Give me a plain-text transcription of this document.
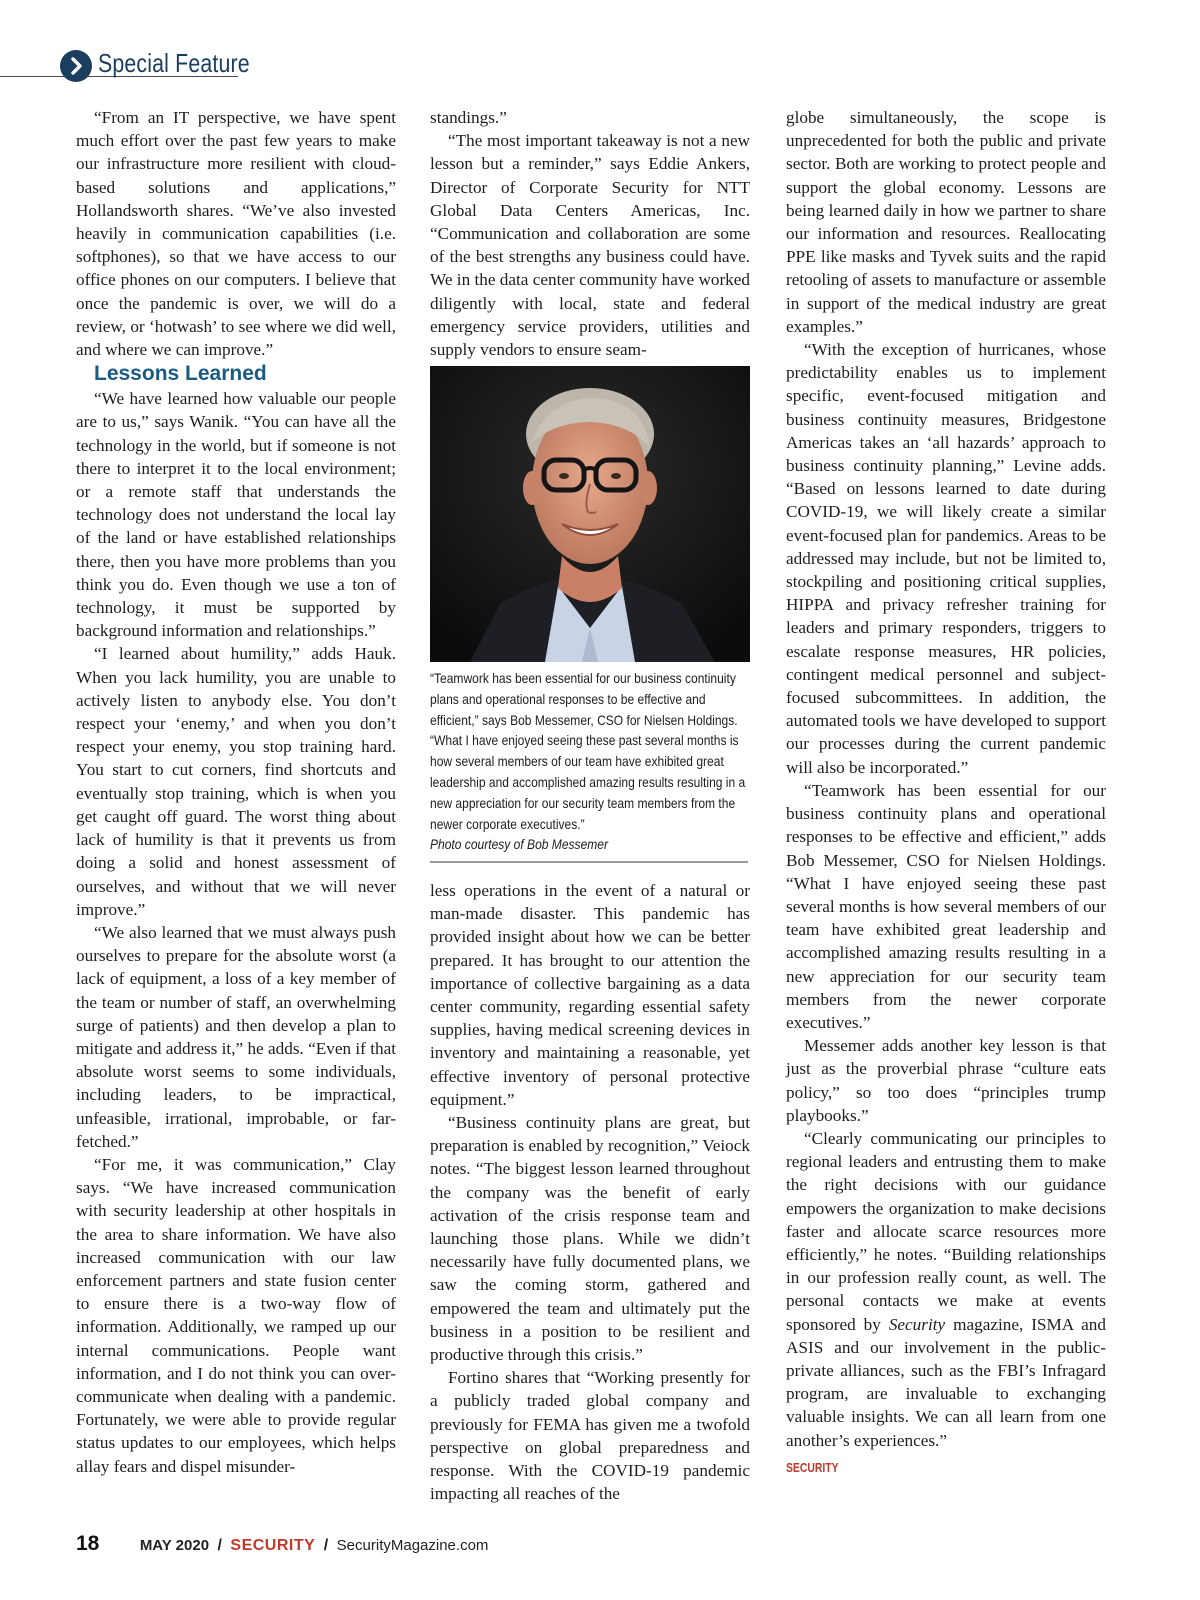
Special Feature

“From an IT perspective, we have spent much effort over the past few years to make our infrastructure more resilient with cloud-based solutions and applications,” Hollandsworth shares. “We’ve also invested heavily in communication capabilities (i.e. softphones), so that we have access to our office phones on our computers. I believe that once the pandemic is over, we will do a review, or ‘hotwash’ to see where we did well, and where we can improve.”

Lessons Learned

“We have learned how valuable our people are to us,” says Wanik. “You can have all the technology in the world, but if someone is not there to interpret it to the local environment; or a remote staff that understands the technology does not understand the local lay of the land or have established relationships there, then you have more problems than you think you do. Even though we use a ton of technology, it must be supported by background information and relationships.”

“I learned about humility,” adds Hauk. When you lack humility, you are unable to actively listen to anybody else. You don’t respect your ‘enemy,’ and when you don’t respect your enemy, you stop training hard. You start to cut corners, find shortcuts and eventually stop training, which is when you get caught off guard. The worst thing about lack of humility is that it prevents us from doing a solid and honest assessment of ourselves, and without that we will never improve.”

“We also learned that we must always push ourselves to prepare for the absolute worst (a lack of equipment, a loss of a key member of the team or number of staff, an overwhelming surge of patients) and then develop a plan to mitigate and address it,” he adds. “Even if that absolute worst seems to some individuals, including leaders, to be impractical, unfeasible, irrational, improbable, or far-fetched.”

“For me, it was communication,” Clay says. “We have increased communication with security leadership at other hospitals in the area to share information. We have also increased communication with our law enforcement partners and state fusion center to ensure there is a two-way flow of information. Additionally, we ramped up our internal communications. People want information, and I do not think you can over-communicate when dealing with a pandemic. Fortunately, we were able to provide regular status updates to our employees, which helps allay fears and dispel misunder-

standings.”

“The most important takeaway is not a new lesson but a reminder,” says Eddie Ankers, Director of Corporate Security for NTT Global Data Centers Americas, Inc. “Communication and collaboration are some of the best strengths any business could have. We in the data center community have worked diligently with local, state and federal emergency service providers, utilities and supply vendors to ensure seam-

“Teamwork has been essential for our business continuity plans and operational responses to be effective and efficient,” says Bob Messemer, CSO for Nielsen Holdings. “What I have enjoyed seeing these past several months is how several members of our team have exhibited great leadership and accomplished amazing results resulting in a new appreciation for our security team members from the newer corporate executives.”
Photo courtesy of Bob Messemer

less operations in the event of a natural or man-made disaster. This pandemic has provided insight about how we can be better prepared. It has brought to our attention the importance of collective bargaining as a data center community, regarding essential safety supplies, having medical screening devices in inventory and maintaining a reasonable, yet effective inventory of personal protective equipment.”

“Business continuity plans are great, but preparation is enabled by recognition,” Veiock notes. “The biggest lesson learned throughout the company was the benefit of early activation of the crisis response team and launching those plans. While we didn’t necessarily have fully documented plans, we saw the coming storm, gathered and empowered the team and ultimately put the business in a position to be resilient and productive through this crisis.”

Fortino shares that “Working presently for a publicly traded global company and previously for FEMA has given me a twofold perspective on global preparedness and response. With the COVID-19 pandemic impacting all reaches of the

globe simultaneously, the scope is unprecedented for both the public and private sector. Both are working to protect people and support the global economy. Lessons are being learned daily in how we partner to share our information and resources. Reallocating PPE like masks and Tyvek suits and the rapid retooling of assets to manufacture or assemble in support of the medical industry are great examples.”

“With the exception of hurricanes, whose predictability enables us to implement specific, event-focused mitigation and business continuity measures, Bridgestone Americas takes an ‘all hazards’ approach to business continuity planning,” Levine adds. “Based on lessons learned to date during COVID-19, we will likely create a similar event-focused plan for pandemics. Areas to be addressed may include, but not be limited to, stockpiling and positioning critical supplies, HIPPA and privacy refresher training for leaders and primary responders, triggers to escalate response measures, HR policies, contingent medical personnel and subject-focused subcommittees. In addition, the automated tools we have developed to support our processes during the current pandemic will also be incorporated.”

“Teamwork has been essential for our business continuity plans and operational responses to be effective and efficient,” adds Bob Messemer, CSO for Nielsen Holdings. “What I have enjoyed seeing these past several months is how several members of our team have exhibited great leadership and accomplished amazing results resulting in a new appreciation for our security team members from the newer corporate executives.”

Messemer adds another key lesson is that just as the proverbial phrase “culture eats policy,” so too does “principles trump playbooks.”

“Clearly communicating our principles to regional leaders and entrusting them to make the right decisions with our guidance empowers the organization to make decisions faster and allocate scarce resources more efficiently,” he notes. “Building relationships in our profession really count, as well. The personal contacts we make at events sponsored by Security magazine, ISMA and ASIS and our involvement in the public-private alliances, such as the FBI’s Infragard program, are invaluable to exchanging valuable insights. We can all learn from one another’s experiences.”

SECURITY
18	MAY 2020 / SECURITY / SecurityMagazine.com
